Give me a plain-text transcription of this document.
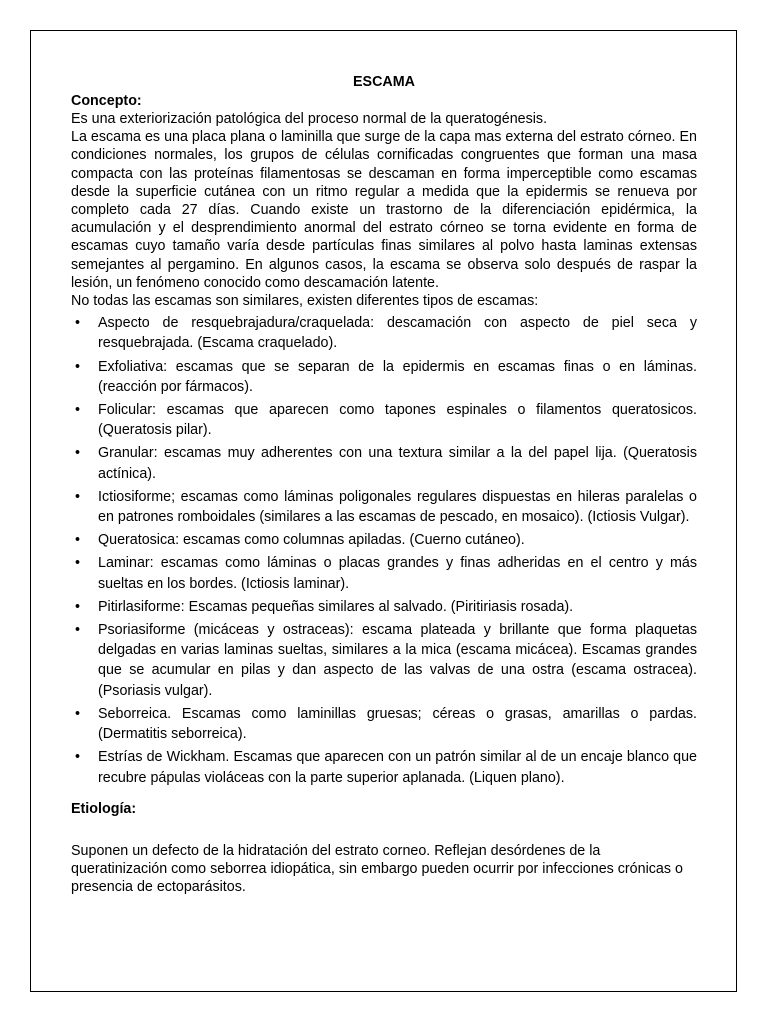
ESCAMA

Concepto:

Es una exteriorización patológica del proceso normal de la queratogénesis.

La escama es una placa plana o laminilla que surge de la capa mas externa del estrato córneo. En condiciones normales, los grupos de células cornificadas congruentes que forman una masa compacta con las proteínas filamentosas se descaman en forma imperceptible como escamas desde la superficie cutánea con un ritmo regular a medida que la epidermis se renueva por completo cada 27 días. Cuando existe un trastorno de la diferenciación epidérmica, la acumulación y el desprendimiento anormal del estrato córneo se torna evidente en forma de escamas cuyo tamaño varía desde partículas finas similares al polvo hasta laminas extensas semejantes al pergamino. En algunos casos, la escama se observa solo después de raspar la lesión, un fenómeno conocido como descamación latente.

No todas las escamas son similares, existen diferentes tipos de escamas:

• Aspecto de resquebrajadura/craquelada: descamación con aspecto de piel seca y resquebrajada. (Escama craquelado).
• Exfoliativa: escamas que se separan de la epidermis en escamas finas o en láminas. (reacción por fármacos).
• Folicular: escamas que aparecen como tapones espinales o filamentos queratosicos. (Queratosis pilar).
• Granular: escamas muy adherentes con una textura similar a la del papel lija. (Queratosis actínica).
• Ictiosiforme; escamas como láminas poligonales regulares dispuestas en hileras paralelas o en patrones romboidales (similares a las escamas de pescado, en mosaico). (Ictiosis Vulgar).
• Queratosica: escamas como columnas apiladas. (Cuerno cutáneo).
• Laminar: escamas como láminas o placas grandes y finas adheridas en el centro y más sueltas en los bordes. (Ictiosis laminar).
• Pitirlasiforme: Escamas pequeñas similares al salvado. (Piritiriasis rosada).
• Psoriasiforme (micáceas y ostraceas): escama plateada y brillante que forma plaquetas delgadas en varias laminas sueltas, similares a la mica (escama micácea). Escamas grandes que se acumular en pilas y dan aspecto de las valvas de una ostra (escama ostracea). (Psoriasis vulgar).
• Seborreica. Escamas como laminillas gruesas; céreas o grasas, amarillas o pardas. (Dermatitis seborreica).
• Estrías de Wickham. Escamas que aparecen con un patrón similar al de un encaje blanco que recubre pápulas violáceas con la parte superior aplanada. (Liquen plano).

Etiología:

Suponen un defecto de la hidratación del estrato corneo. Reflejan desórdenes de la queratinización como seborrea idiopática, sin embargo pueden ocurrir por infecciones crónicas o presencia de ectoparásitos.
